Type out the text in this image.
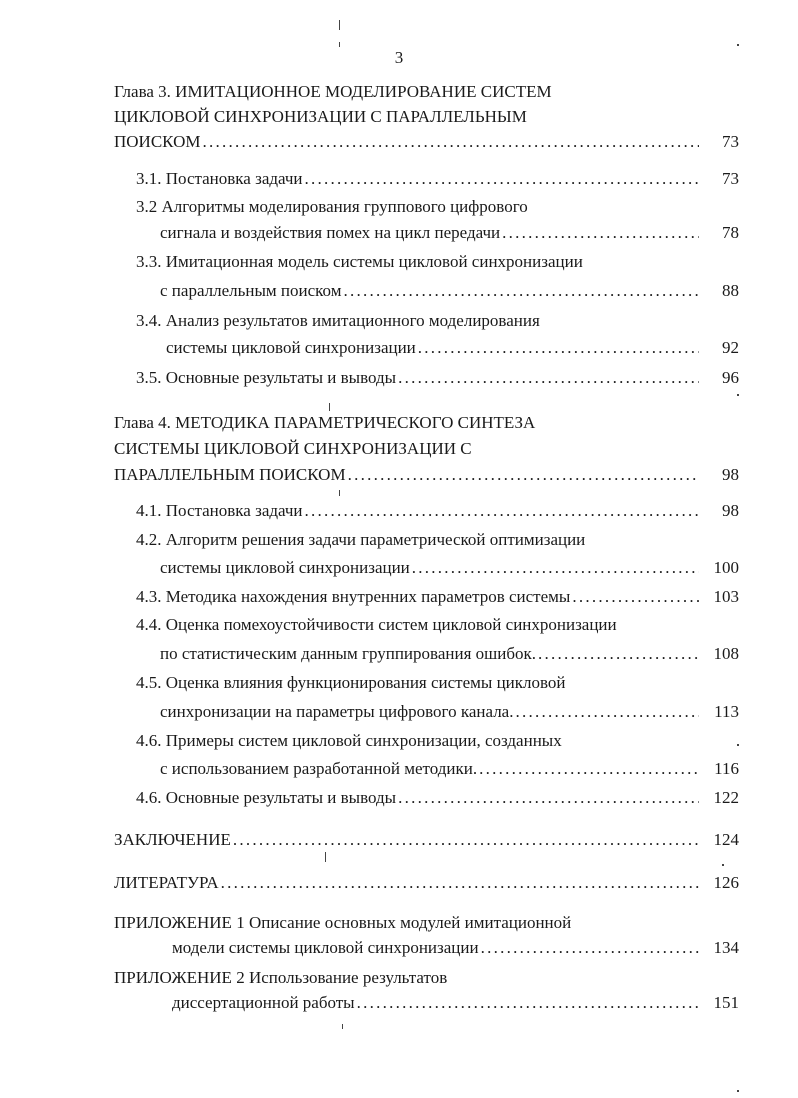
3
Глава 3. ИМИТАЦИОННОЕ МОДЕЛИРОВАНИЕ СИСТЕМ
ЦИКЛОВОЙ СИНХРОНИЗАЦИИ С ПАРАЛЛЕЛЬНЫМ
ПОИСКОМ . . .	73
3.1. Постановка задачи . . .	73
3.2 Алгоритмы моделирования группового цифрового
сигнала и воздействия помех на цикл передачи . . .	78
3.3. Имитационная модель системы цикловой синхронизации
с параллельным поиском . . .	88
3.4. Анализ результатов имитационного моделирования
системы цикловой синхронизации . . .	92
3.5. Основные результаты и выводы . . .	96
Глава 4. МЕТОДИКА ПАРАМЕТРИЧЕСКОГО СИНТЕЗА
СИСТЕМЫ ЦИКЛОВОЙ СИНХРОНИЗАЦИИ С
ПАРАЛЛЕЛЬНЫМ ПОИСКОМ . . .	98
4.1. Постановка задачи . . .	98
4.2. Алгоритм решения задачи параметрической оптимизации
системы цикловой синхронизации . . .	100
4.3. Методика нахождения внутренних параметров системы . . .	103
4.4. Оценка помехоустойчивости систем цикловой синхронизации
по статистическим данным группирования ошибок. . . .	108
4.5. Оценка влияния функционирования системы цикловой
синхронизации на параметры цифрового канала. . . .	113
4.6. Примеры систем цикловой синхронизации, созданных
с использованием разработанной методики. . . .	116
4.6. Основные результаты и выводы . . .	122
ЗАКЛЮЧЕНИЕ . . .	124
ЛИТЕРАТУРА . . .	126
ПРИЛОЖЕНИЕ 1 Описание основных модулей имитационной
модели системы цикловой синхронизации . . .	134
ПРИЛОЖЕНИЕ 2 Использование результатов
диссертационной работы . . .	151
